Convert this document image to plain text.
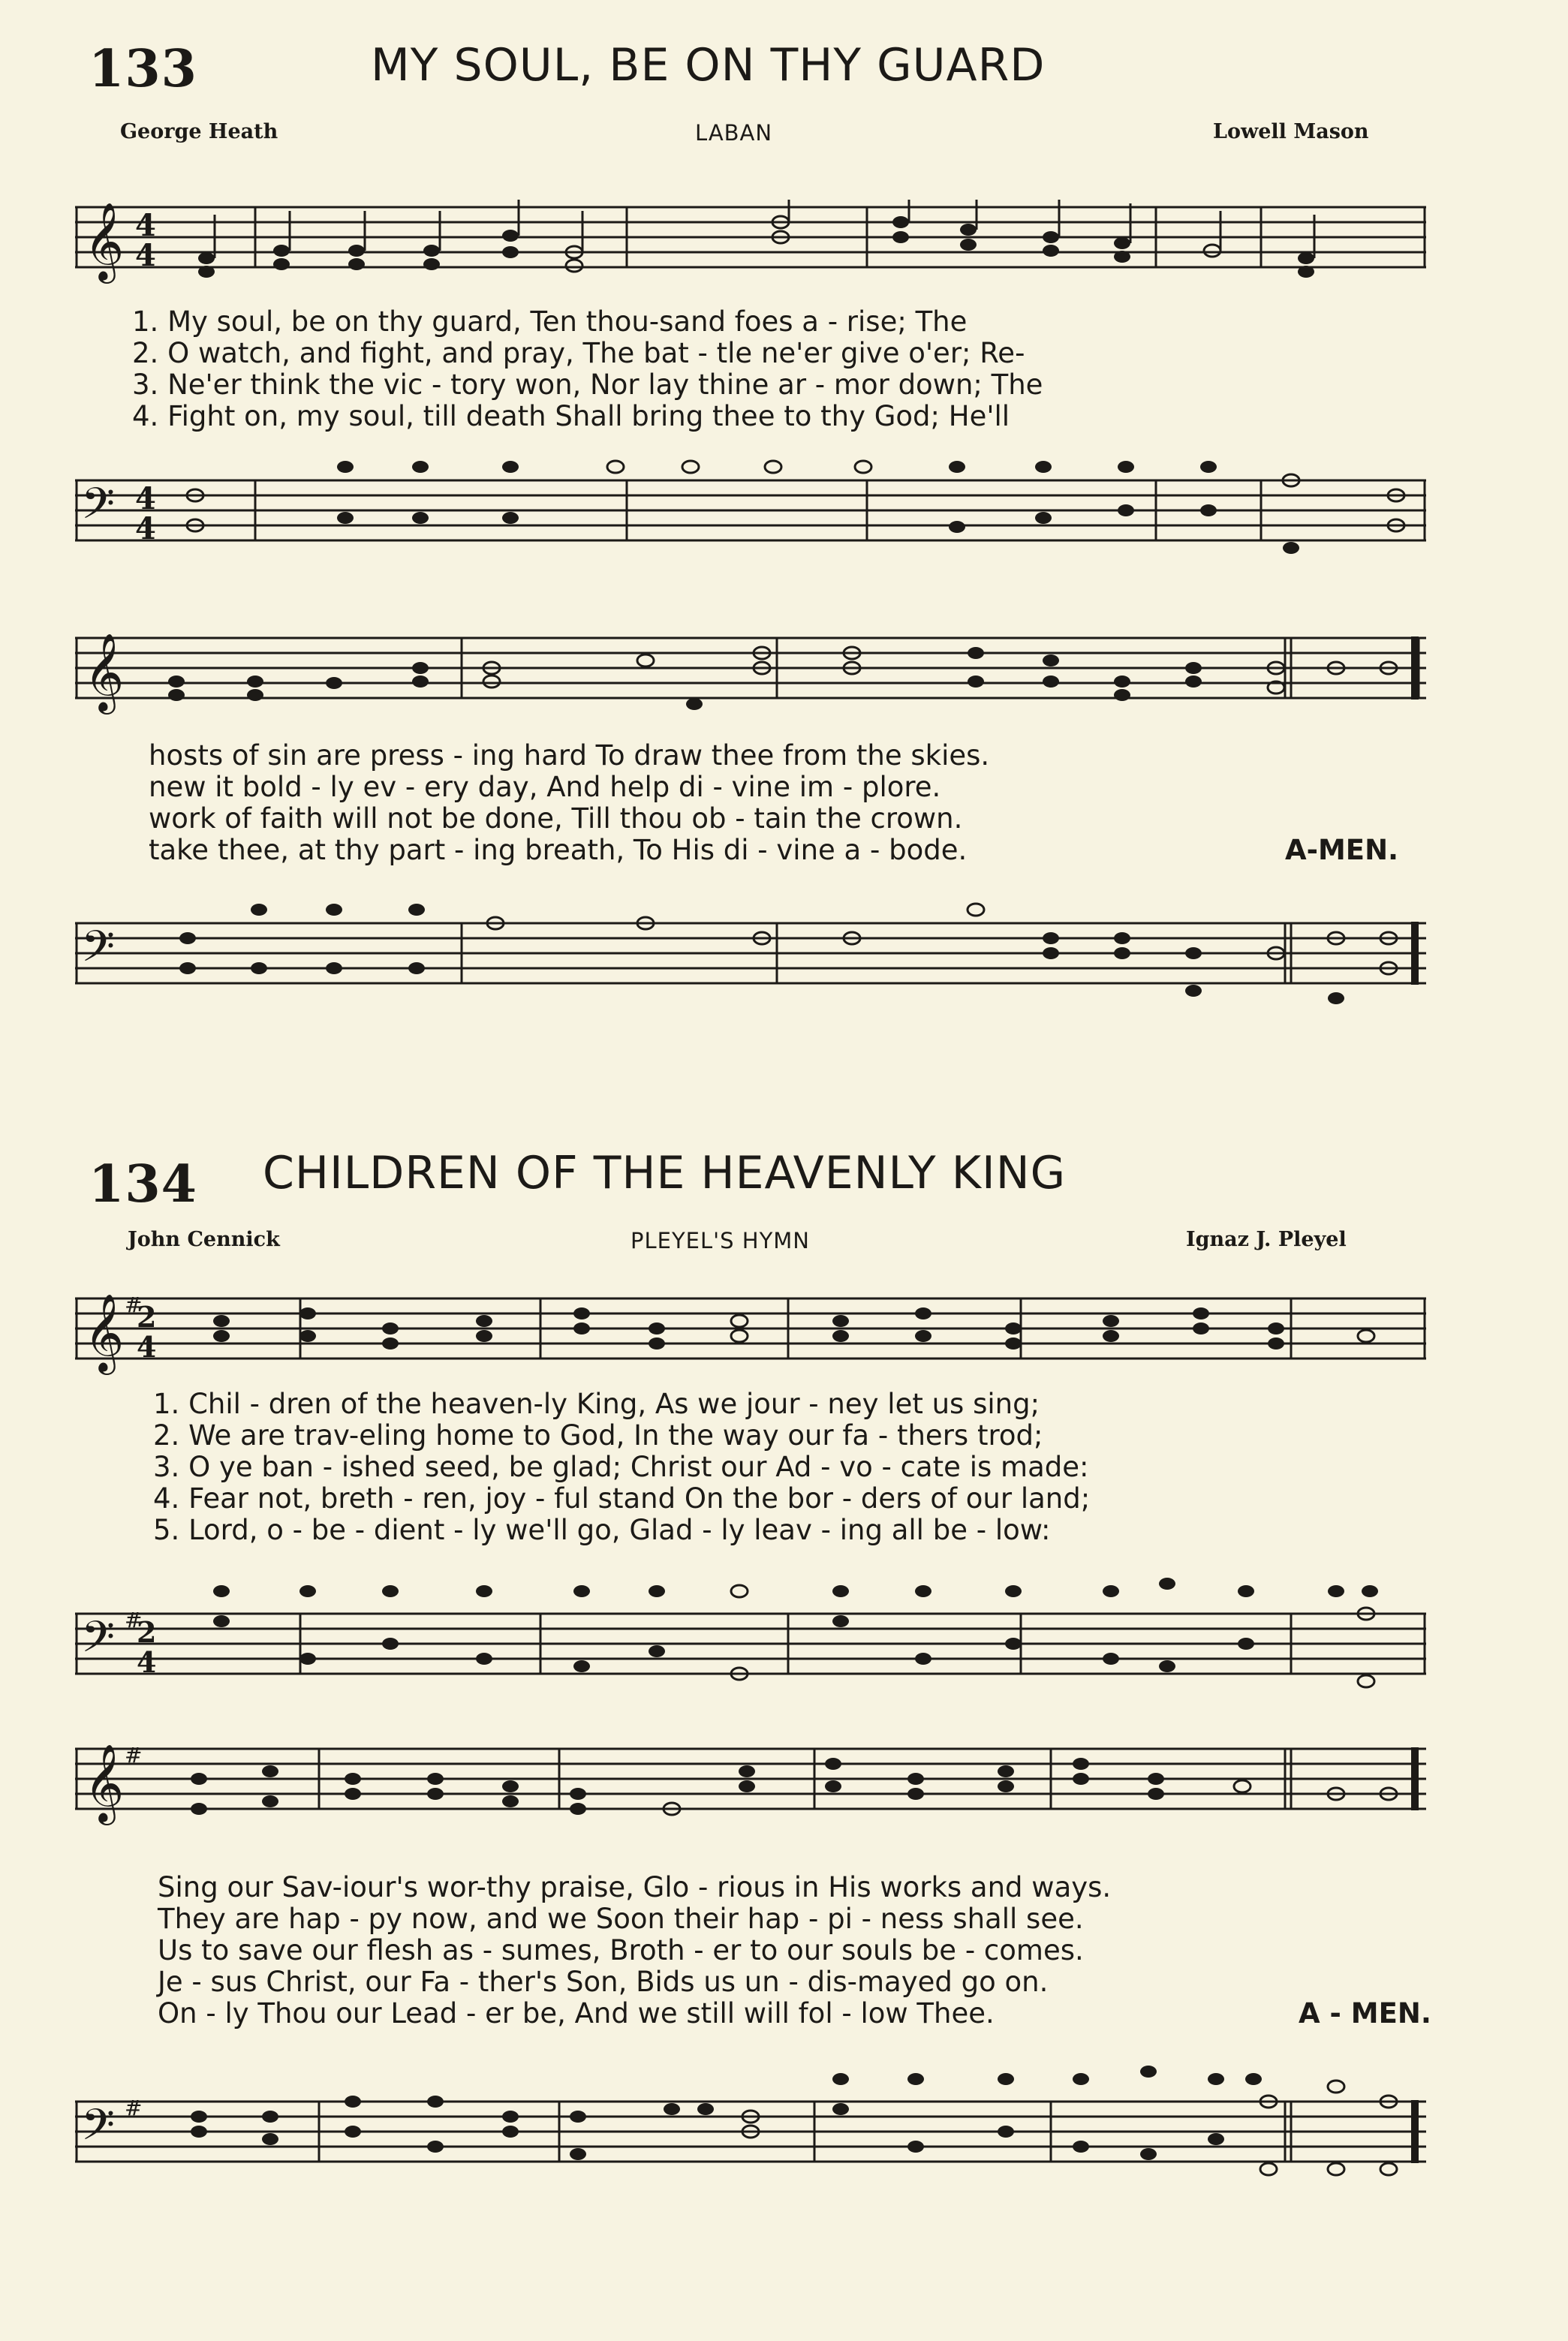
133	MY SOUL, BE ON THY GUARD
George Heath	LABAN	Lowell Mason
𝄞 4
4
1. My soul, be on thy guard, Ten thou-sand foes a - rise; The
2. O watch, and fight, and pray, The bat - tle ne'er give o'er; Re-
3. Ne'er think the vic - tory won, Nor lay thine ar - mor down; The
4. Fight on, my soul, till death Shall bring thee to thy God; He'll
𝄢 4
4
𝄞
hosts of sin are press - ing hard To draw thee from the skies.
new it bold - ly ev - ery day, And help di - vine im - plore.
work of faith will not be done, Till thou ob - tain the crown.
take thee, at thy part - ing breath, To His di - vine a - bode.	A-MEN.
𝄢
134 CHILDREN OF THE HEAVENLY KING
John Cennick	PLEYEL'S HYMN	Ignaz J. Pleyel
𝄞 #
2
4
1. Chil - dren of the heaven-ly King, As we jour - ney let us sing;
2. We are trav-eling home to God, In the way our fa - thers trod;
3. O ye ban - ished seed, be glad; Christ our Ad - vo - cate is made:
4. Fear not, breth - ren, joy - ful stand On the bor - ders of our land;
5. Lord, o - be - dient - ly we'll go, Glad - ly leav - ing all be - low:
𝄢 #
2
4
𝄞 #
Sing our Sav-iour's wor-thy praise, Glo - rious in His works and ways.
They are hap - py now, and we Soon their hap - pi - ness shall see.
Us to save our flesh as - sumes, Broth - er to our souls be - comes.
Je - sus Christ, our Fa - ther's Son, Bids us un - dis-mayed go on.
On - ly Thou our Lead - er be, And we still will fol - low Thee.	A - MEN.
𝄢 #
